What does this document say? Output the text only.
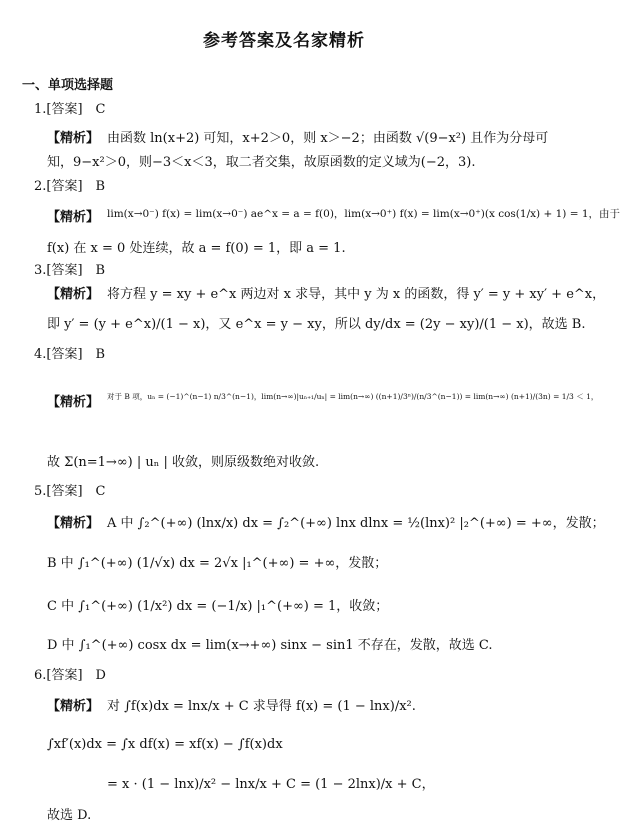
参考答案及名家精析
一、单项选择题
1.[答案]　C
【精析】 由函数 ln(x+2) 可知，x+2＞0，则 x＞−2；由函数 √(9−x²) 且作为分母可
知，9−x²＞0，则−3＜x＜3，取二者交集，故原函数的定义域为(−2，3).
2.[答案]　B
【精析】 lim(x→0⁻) f(x) = lim(x→0⁻) ae^x = a = f(0)，lim(x→0⁺) f(x) = lim(x→0⁺)(x cos(1/x) + 1) = 1，由于
f(x) 在 x = 0 处连续，故 a = f(0) = 1，即 a = 1.
3.[答案]　B
【精析】 将方程 y = xy + e^x 两边对 x 求导，其中 y 为 x 的函数，得 y′ = y + xy′ + e^x，
即 y′ = (y + e^x)/(1 − x)，又 e^x = y − xy，所以 dy/dx = (2y − xy)/(1 − x)，故选 B.
4.[答案]　B
【精析】 对于 B 项，uₙ = (−1)^(n−1) n/3^(n−1)，lim(n→∞)|uₙ₊₁/uₙ| = lim(n→∞) ((n+1)/3ⁿ)/(n/3^(n−1)) = lim(n→∞) (n+1)/(3n) = 1/3 ＜ 1，
故 Σ(n=1→∞) | uₙ | 收敛，则原级数绝对收敛.
5.[答案]　C
【精析】 A 中 ∫₂^(+∞) (lnx/x) dx = ∫₂^(+∞) lnx dlnx = ½(lnx)² |₂^(+∞) = +∞，发散；
B 中 ∫₁^(+∞) (1/√x) dx = 2√x |₁^(+∞) = +∞，发散；
C 中 ∫₁^(+∞) (1/x²) dx = (−1/x) |₁^(+∞) = 1，收敛；
D 中 ∫₁^(+∞) cosx dx = lim(x→+∞) sinx − sin1 不存在，发散，故选 C.
6.[答案]　D
【精析】 对 ∫f(x)dx = lnx/x + C 求导得 f(x) = (1 − lnx)/x².
∫xf′(x)dx = ∫x df(x) = xf(x) − ∫f(x)dx
= x · (1 − lnx)/x² − lnx/x + C = (1 − 2lnx)/x + C，
故选 D.
